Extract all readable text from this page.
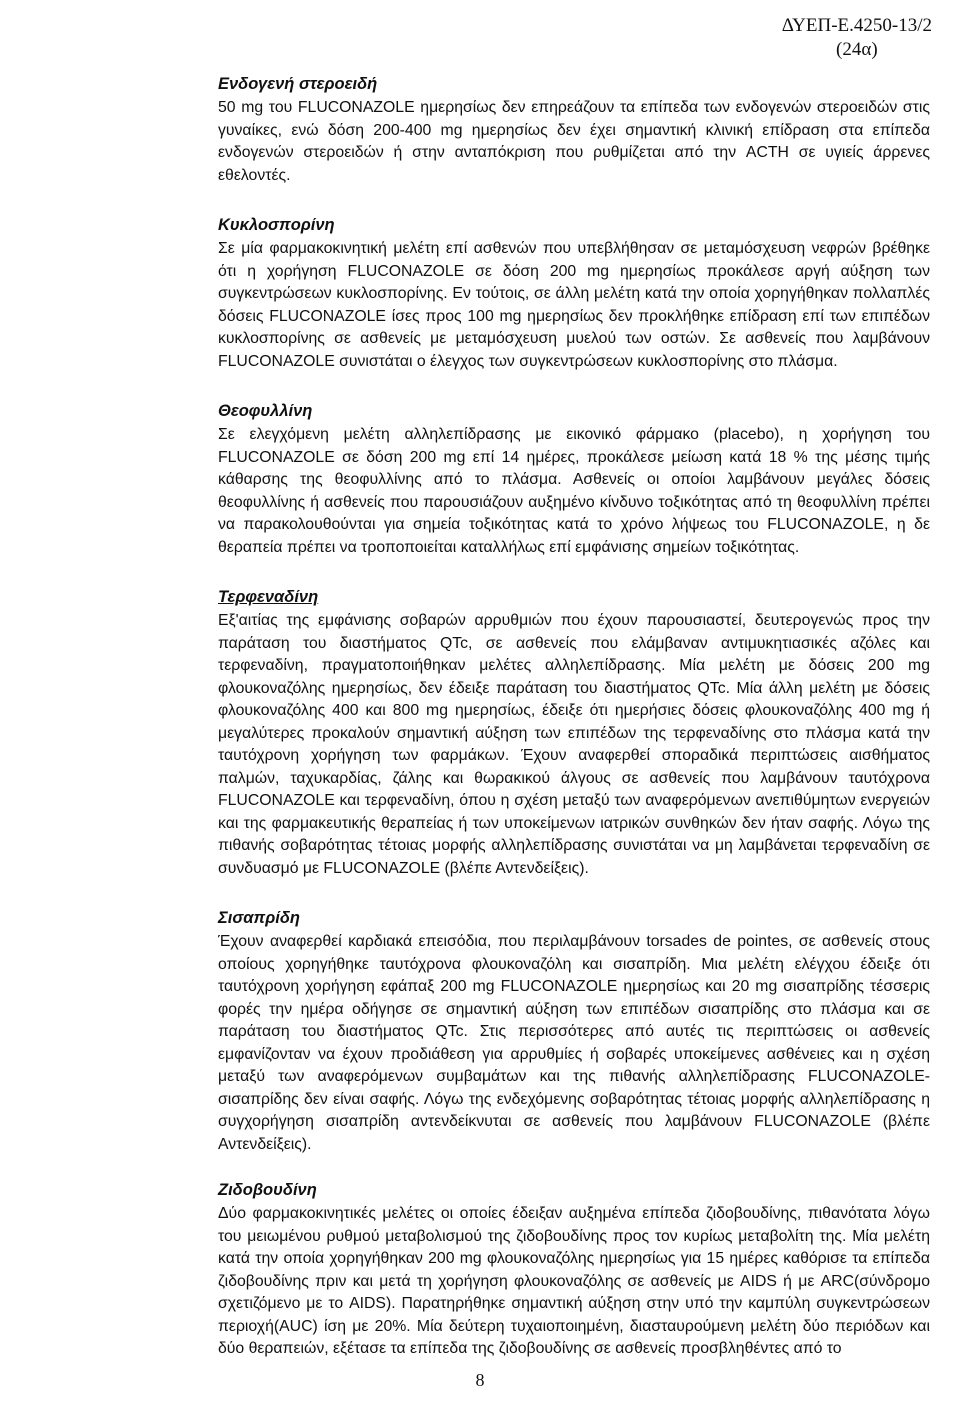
ΔΥΕΠ-Ε.4250-13/2
(24α)
Ενδογενή στεροειδή

50 mg του FLUCONAZOLE ημερησίως δεν επηρεάζουν τα επίπεδα των ενδογενών στεροειδών στις γυναίκες, ενώ δόση 200-400 mg ημερησίως δεν έχει σημαντική κλινική επίδραση στα επίπεδα ενδογενών στεροειδών ή στην ανταπόκριση που ρυθμίζεται από την ACTH σε υγιείς άρρενες εθελοντές.

Κυκλοσπορίνη

Σε μία φαρμακοκινητική μελέτη επί ασθενών που υπεβλήθησαν σε μεταμόσχευση νεφρών βρέθηκε ότι η χορήγηση FLUCONAZOLE σε δόση 200 mg ημερησίως προκάλεσε αργή αύξηση των συγκεντρώσεων κυκλοσπορίνης. Εν τούτοις, σε άλλη μελέτη κατά την οποία χορηγήθηκαν πολλαπλές δόσεις FLUCONAZOLE ίσες προς 100 mg ημερησίως δεν προκλήθηκε επίδραση επί των επιπέδων κυκλοσπορίνης σε ασθενείς με μεταμόσχευση μυελού των οστών. Σε ασθενείς που λαμβάνουν FLUCONAZOLE συνιστάται ο έλεγχος των συγκεντρώσεων κυκλοσπορίνης στο πλάσμα.

Θεοφυλλίνη

Σε ελεγχόμενη μελέτη αλληλεπίδρασης με εικονικό φάρμακο (placebo), η χορήγηση του FLUCONAZOLE σε δόση 200 mg επί 14 ημέρες, προκάλεσε μείωση κατά 18 % της μέσης τιμής κάθαρσης της θεοφυλλίνης από το πλάσμα. Ασθενείς οι οποίοι λαμβάνουν μεγάλες δόσεις θεοφυλλίνης ή ασθενείς που παρουσιάζουν αυξημένο κίνδυνο τοξικότητας από τη θεοφυλλίνη πρέπει να παρακολουθούνται για σημεία τοξικότητας κατά το χρόνο λήψεως του FLUCONAZOLE, η δε θεραπεία πρέπει να τροποποιείται καταλλήλως επί εμφάνισης σημείων τοξικότητας.

Τερφεναδίνη

Εξ'αιτίας της εμφάνισης σοβαρών αρρυθμιών που έχουν παρουσιαστεί, δευτερογενώς προς την παράταση του διαστήματος QTc, σε ασθενείς που ελάμβαναν αντιμυκητιασικές αζόλες και τερφεναδίνη, πραγματοποιήθηκαν μελέτες αλληλεπίδρασης. Μία μελέτη με δόσεις 200 mg φλουκοναζόλης ημερησίως, δεν έδειξε παράταση του διαστήματος QTc. Μία άλλη μελέτη με δόσεις φλουκοναζόλης 400 και 800 mg ημερησίως, έδειξε ότι ημερήσιες δόσεις φλουκοναζόλης 400 mg ή μεγαλύτερες προκαλούν σημαντική αύξηση των επιπέδων της τερφεναδίνης στο πλάσμα κατά την ταυτόχρονη χορήγηση των φαρμάκων. Έχουν αναφερθεί σποραδικά περιπτώσεις αισθήματος παλμών, ταχυκαρδίας, ζάλης και θωρακικού άλγους σε ασθενείς που λαμβάνουν ταυτόχρονα FLUCONAZOLE και τερφεναδίνη, όπου η σχέση μεταξύ των αναφερόμενων ανεπιθύμητων ενεργειών και της φαρμακευτικής θεραπείας ή των υποκείμενων ιατρικών συνθηκών δεν ήταν σαφής. Λόγω της πιθανής σοβαρότητας τέτοιας μορφής αλληλεπίδρασης συνιστάται να μη λαμβάνεται τερφεναδίνη σε συνδυασμό με FLUCONAZOLE (βλέπε Αντενδείξεις).

Σισαπρίδη

Έχουν αναφερθεί καρδιακά επεισόδια, που περιλαμβάνουν torsades de pointes, σε ασθενείς στους οποίους χορηγήθηκε ταυτόχρονα φλουκοναζόλη και σισαπρίδη. Μια μελέτη ελέγχου έδειξε ότι ταυτόχρονη χορήγηση εφάπαξ 200 mg FLUCONAZOLE ημερησίως και 20 mg σισαπρίδης τέσσερις φορές την ημέρα οδήγησε σε σημαντική αύξηση των επιπέδων σισαπρίδης στο πλάσμα και σε παράταση του διαστήματος QTc. Στις περισσότερες από αυτές τις περιπτώσεις οι ασθενείς εμφανίζονταν να έχουν προδιάθεση για αρρυθμίες ή σοβαρές υποκείμενες ασθένειες και η σχέση μεταξύ των αναφερόμενων συμβαμάτων και της πιθανής αλληλεπίδρασης FLUCONAZOLE-σισαπρίδης δεν είναι σαφής. Λόγω της ενδεχόμενης σοβαρότητας τέτοιας μορφής αλληλεπίδρασης η συγχορήγηση σισαπρίδη αντενδείκνυται σε ασθενείς που λαμβάνουν FLUCONAZOLE (βλέπε Αντενδείξεις).

Ζιδοβουδίνη

Δύο φαρμακοκινητικές μελέτες οι οποίες έδειξαν αυξημένα επίπεδα ζιδοβουδίνης, πιθανότατα λόγω του μειωμένου ρυθμού μεταβολισμού της ζιδοβουδίνης προς τον κυρίως μεταβολίτη της. Μία μελέτη κατά την οποία χορηγήθηκαν 200 mg φλουκοναζόλης ημερησίως για 15 ημέρες καθόρισε τα επίπεδα ζιδοβουδίνης πριν και μετά τη χορήγηση φλουκοναζόλης σε ασθενείς με AIDS ή με ARC(σύνδρομο σχετιζόμενο με το AIDS). Παρατηρήθηκε σημαντική αύξηση στην υπό την καμπύλη συγκεντρώσεων περιοχή(AUC) ίση με 20%. Μία δεύτερη τυχαιοποιημένη, διασταυρούμενη μελέτη δύο περιόδων και δύο θεραπειών, εξέτασε τα επίπεδα της ζιδοβουδίνης σε ασθενείς προσβληθέντες από το

8
